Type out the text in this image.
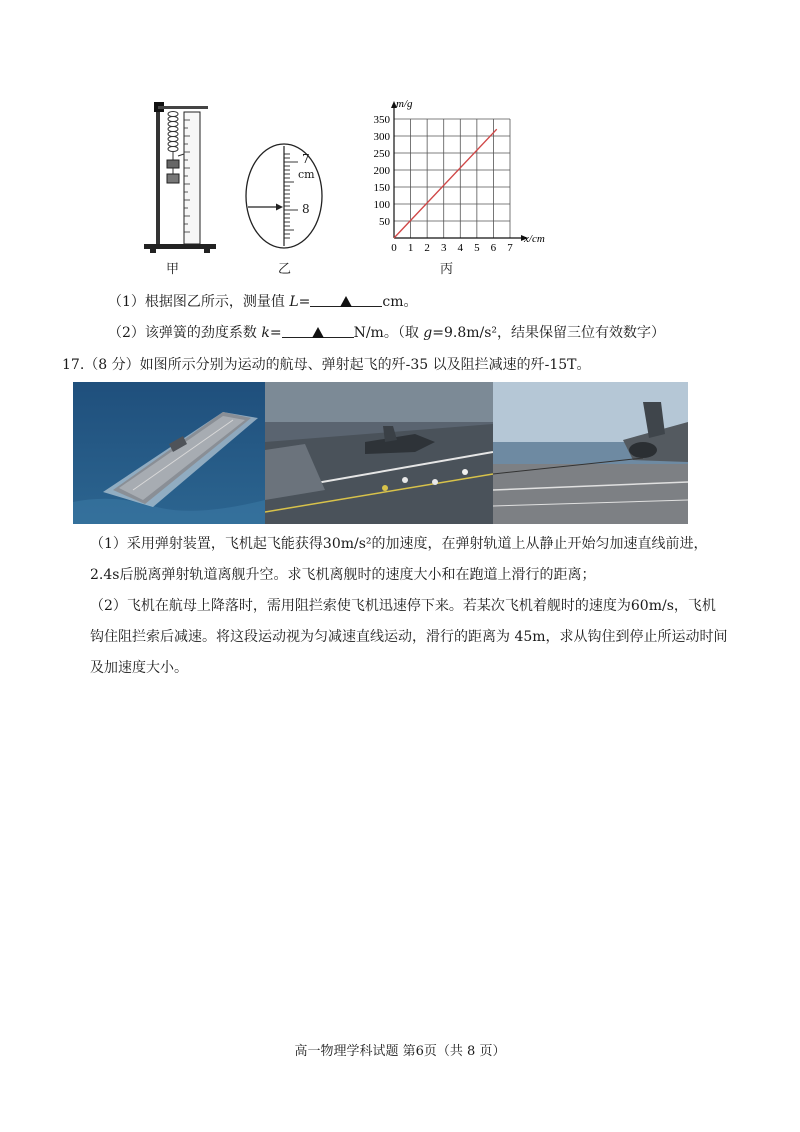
甲
7
cm
8
乙
0 1 2 3 4 5 6 7
50
100
150
200
250
300
350
m/g
x/cm
丙
（1）根据图乙所示，测量值 L=	cm。
（2）该弹簧的劲度系数 k=	N/m。（取 g=9.8m/s²，结果保留三位有效数字）
17.（8 分）如图所示分别为运动的航母、弹射起飞的歼-35 以及阻拦减速的歼-15T。
（1）采用弹射装置，飞机起飞能获得30m/s²的加速度，在弹射轨道上从静止开始匀加速直线前进，
2.4s后脱离弹射轨道离舰升空。求飞机离舰时的速度大小和在跑道上滑行的距离；
（2）飞机在航母上降落时，需用阻拦索使飞机迅速停下来。若某次飞机着舰时的速度为60m/s，飞机
钩住阻拦索后减速。将这段运动视为匀减速直线运动，滑行的距离为 45m，求从钩住到停止所运动时间
及加速度大小。
高一物理学科试题 第6页（共 8 页）
